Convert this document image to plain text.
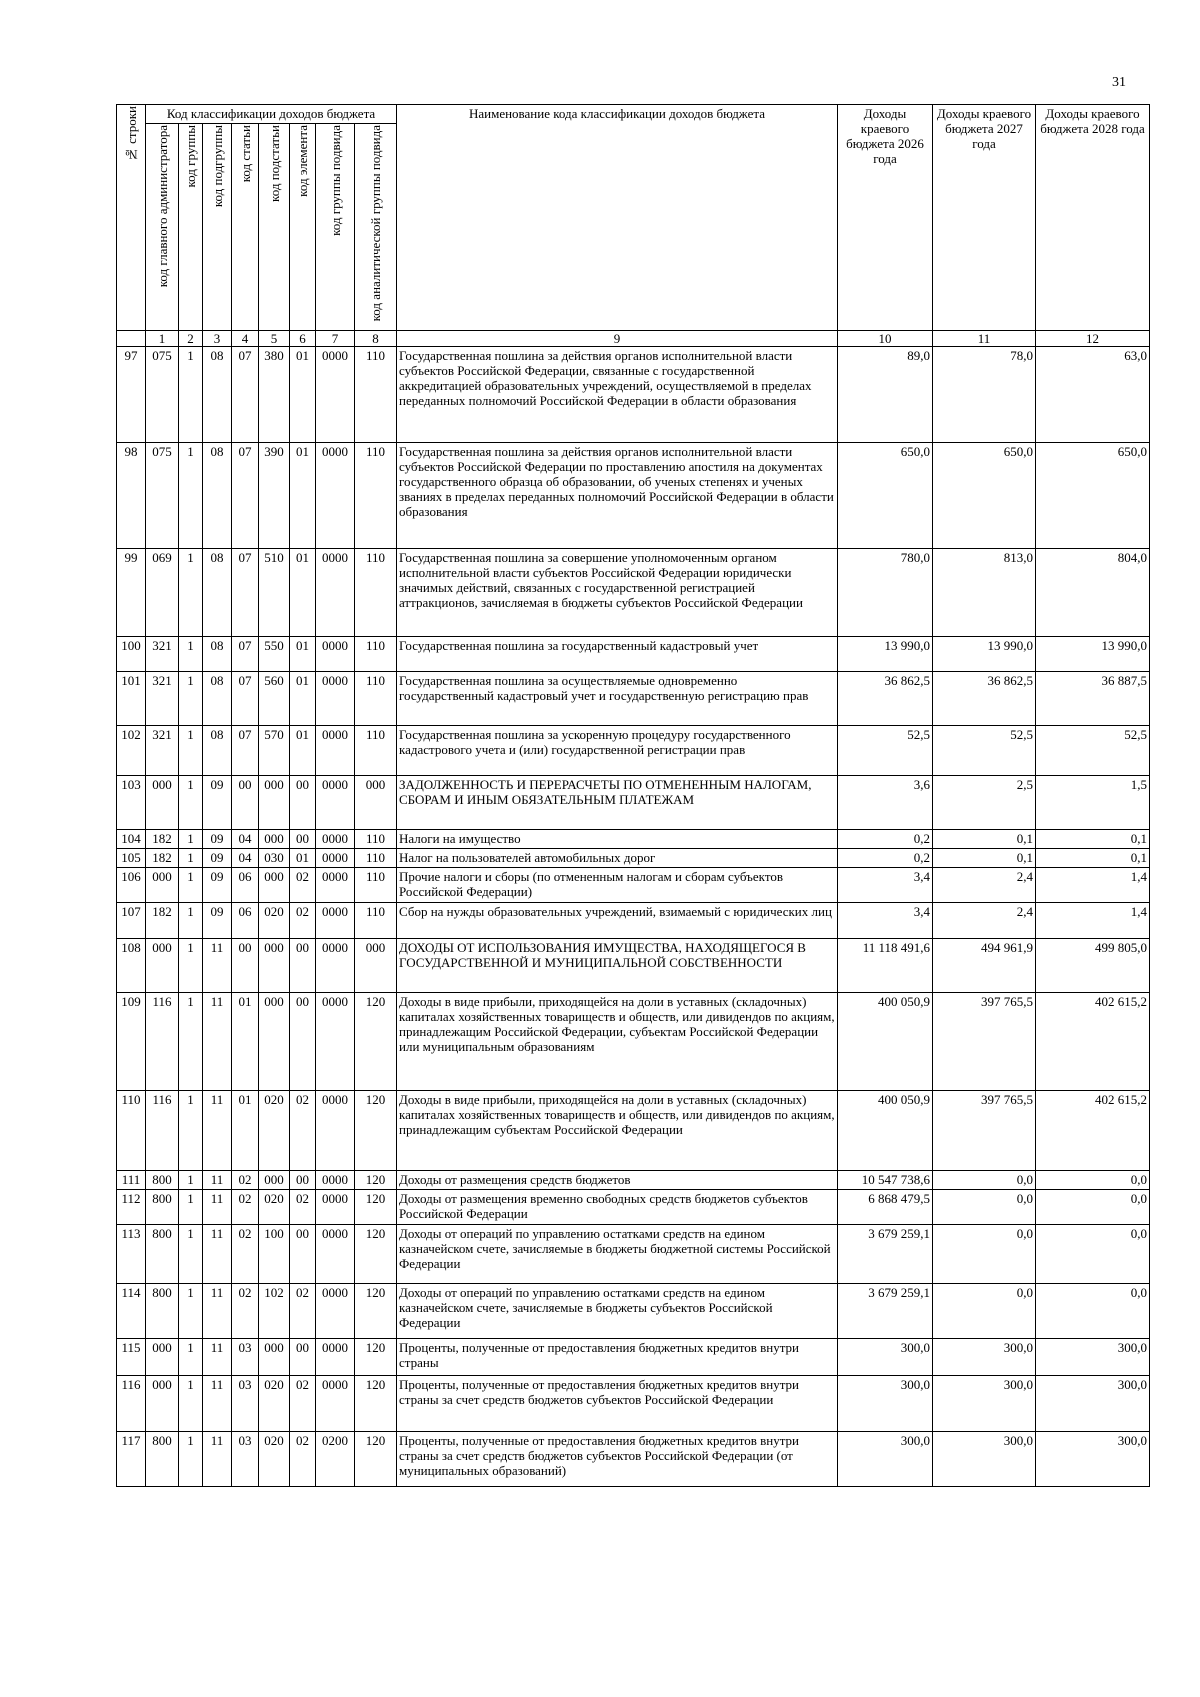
31
№ строки	Код классификации доходов бюджета								Наименование кода классификации доходов бюджета	Доходы краевого бюджета 2026 года	Доходы краевого бюджета 2027 года	Доходы краевого бюджета 2028 года
	код главного администратора	код группы	код подгруппы	код статьи	код подстатьи	код элемента	код группы подвида	код аналитической группы подвида				
	1	2	3	4	5	6	7	8	9	10	11	12
97	075	1	08	07	380	01	0000	110	Государственная пошлина за действия органов исполнительной власти субъектов Российской Федерации, связанные с государственной аккредитацией образовательных учреждений, осуществляемой в пределах переданных полномочий Российской Федерации в области образования	89,0	78,0	63,0
98	075	1	08	07	390	01	0000	110	Государственная пошлина за действия органов исполнительной власти субъектов Российской Федерации по проставлению апостиля на документах государственного образца об образовании, об ученых степенях и ученых званиях в пределах переданных полномочий Российской Федерации в области образования	650,0	650,0	650,0
99	069	1	08	07	510	01	0000	110	Государственная пошлина за совершение уполномоченным органом исполнительной власти субъектов Российской Федерации юридически значимых действий, связанных с государственной регистрацией аттракционов, зачисляемая в бюджеты субъектов Российской Федерации	780,0	813,0	804,0
100	321	1	08	07	550	01	0000	110	Государственная пошлина за государственный кадастровый учет	13 990,0	13 990,0	13 990,0
101	321	1	08	07	560	01	0000	110	Государственная пошлина за осуществляемые одновременно государственный кадастровый учет и государственную регистрацию прав	36 862,5	36 862,5	36 887,5
102	321	1	08	07	570	01	0000	110	Государственная пошлина за ускоренную процедуру государственного кадастрового учета и (или) государственной регистрации прав	52,5	52,5	52,5
103	000	1	09	00	000	00	0000	000	ЗАДОЛЖЕННОСТЬ И ПЕРЕРАСЧЕТЫ ПО ОТМЕНЕННЫМ НАЛОГАМ, СБОРАМ И ИНЫМ ОБЯЗАТЕЛЬНЫМ ПЛАТЕЖАМ	3,6	2,5	1,5
104	182	1	09	04	000	00	0000	110	Налоги на имущество	0,2	0,1	0,1
105	182	1	09	04	030	01	0000	110	Налог на пользователей автомобильных дорог	0,2	0,1	0,1
106	000	1	09	06	000	02	0000	110	Прочие налоги и сборы (по отмененным налогам и сборам субъектов Российской Федерации)	3,4	2,4	1,4
107	182	1	09	06	020	02	0000	110	Сбор на нужды образовательных учреждений, взимаемый с юридических лиц	3,4	2,4	1,4
108	000	1	11	00	000	00	0000	000	ДОХОДЫ ОТ ИСПОЛЬЗОВАНИЯ ИМУЩЕСТВА, НАХОДЯЩЕГОСЯ В ГОСУДАРСТВЕННОЙ И МУНИЦИПАЛЬНОЙ СОБСТВЕННОСТИ	11 118 491,6	494 961,9	499 805,0
109	116	1	11	01	000	00	0000	120	Доходы в виде прибыли, приходящейся на доли в уставных (складочных) капиталах хозяйственных товариществ и обществ, или дивидендов по акциям, принадлежащим Российской Федерации, субъектам Российской Федерации или муниципальным образованиям	400 050,9	397 765,5	402 615,2
110	116	1	11	01	020	02	0000	120	Доходы в виде прибыли, приходящейся на доли в уставных (складочных) капиталах хозяйственных товариществ и обществ, или дивидендов по акциям, принадлежащим субъектам Российской Федерации	400 050,9	397 765,5	402 615,2
111	800	1	11	02	000	00	0000	120	Доходы от размещения средств бюджетов	10 547 738,6	0,0	0,0
112	800	1	11	02	020	02	0000	120	Доходы от размещения временно свободных средств бюджетов субъектов Российской Федерации	6 868 479,5	0,0	0,0
113	800	1	11	02	100	00	0000	120	Доходы от операций по управлению остатками средств на едином казначейском счете, зачисляемые в бюджеты бюджетной системы Российской Федерации	3 679 259,1	0,0	0,0
114	800	1	11	02	102	02	0000	120	Доходы от операций по управлению остатками средств на едином казначейском счете, зачисляемые в бюджеты субъектов Российской Федерации	3 679 259,1	0,0	0,0
115	000	1	11	03	000	00	0000	120	Проценты, полученные от предоставления бюджетных кредитов внутри страны	300,0	300,0	300,0
116	000	1	11	03	020	02	0000	120	Проценты, полученные от предоставления бюджетных кредитов внутри страны за счет средств бюджетов субъектов Российской Федерации	300,0	300,0	300,0
117	800	1	11	03	020	02	0200	120	Проценты, полученные от предоставления бюджетных кредитов внутри страны за счет средств бюджетов субъектов Российской Федерации (от муниципальных образований)	300,0	300,0	300,0
